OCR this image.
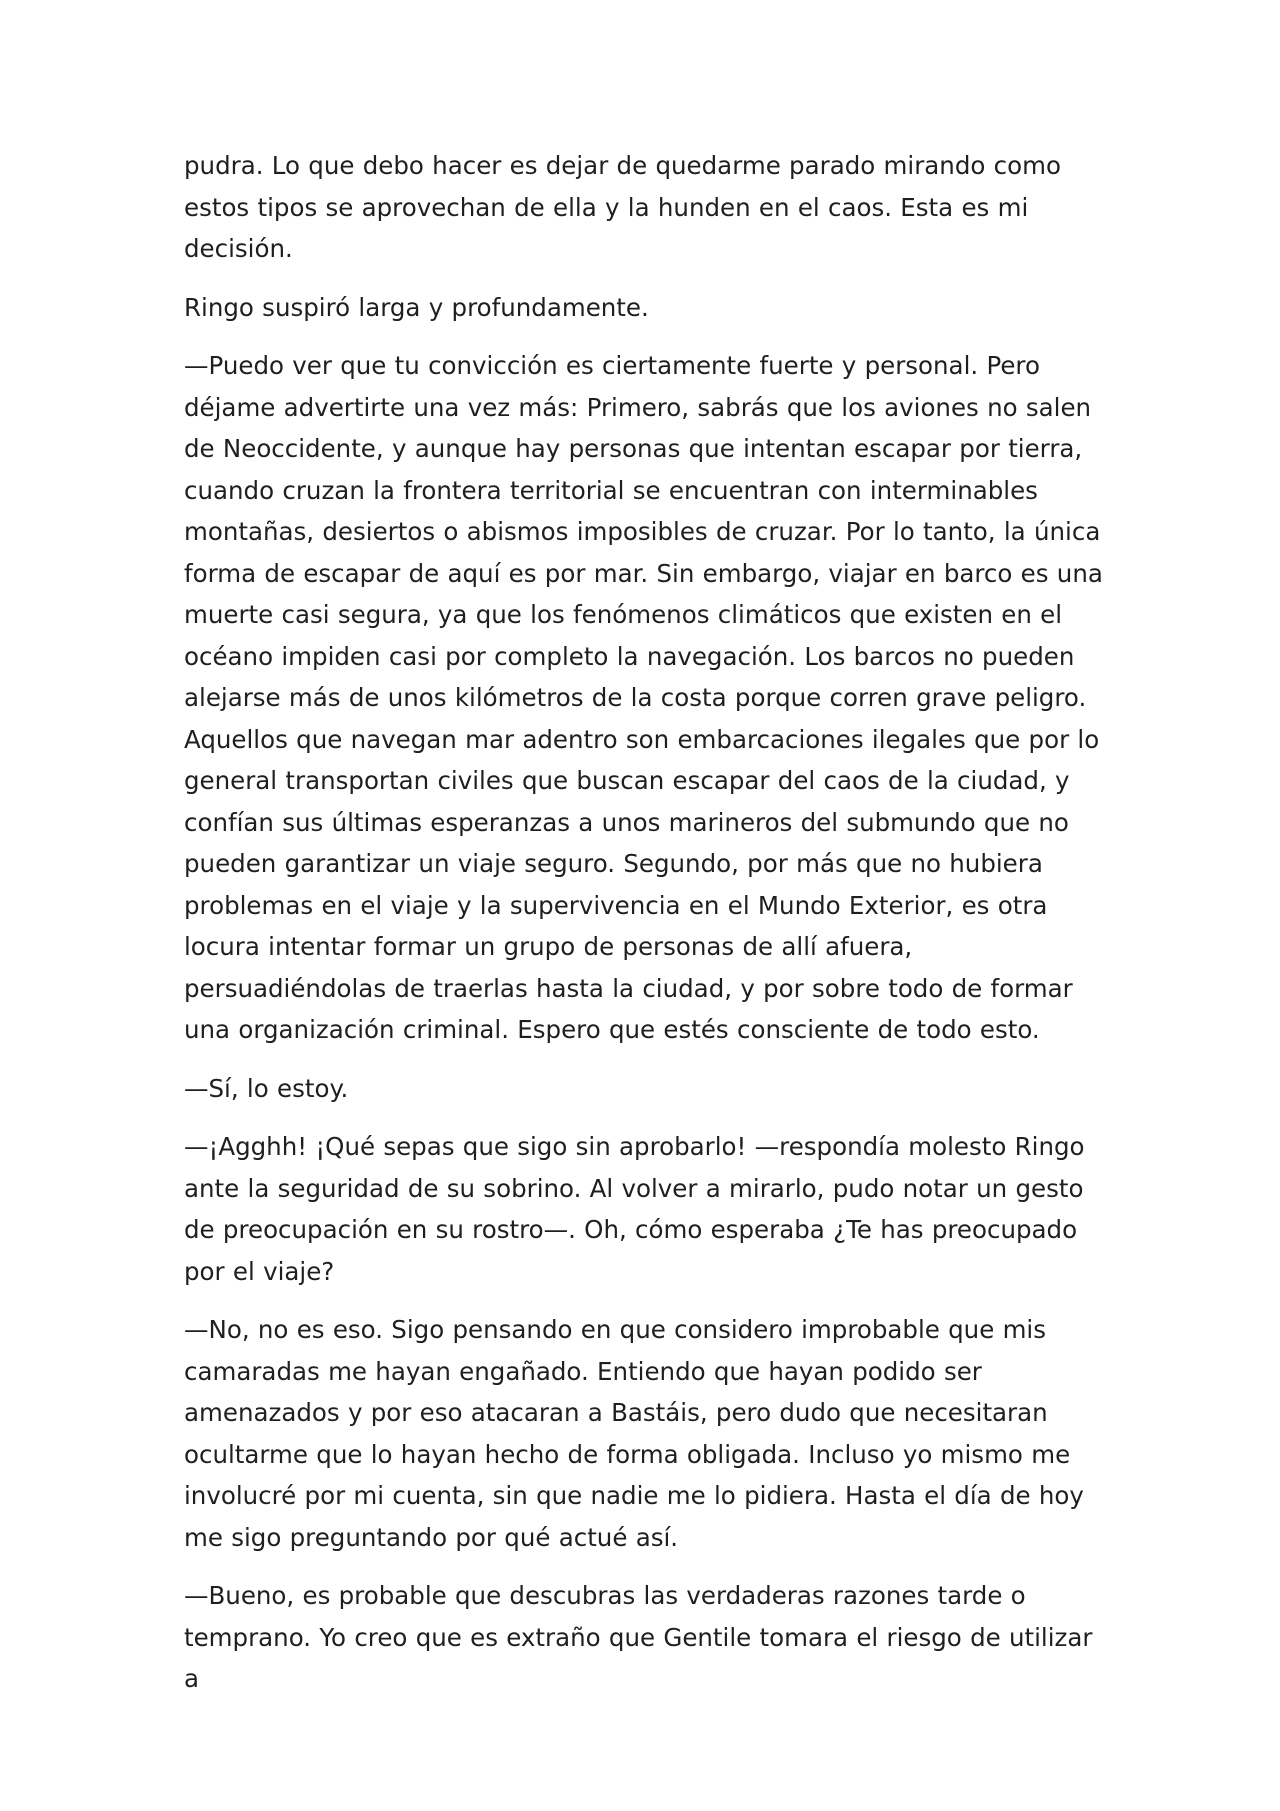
pudra. Lo que debo hacer es dejar de quedarme parado mirando como estos tipos se aprovechan de ella y la hunden en el caos. Esta es mi decisión.

Ringo suspiró larga y profundamente.

—Puedo ver que tu convicción es ciertamente fuerte y personal. Pero déjame advertirte una vez más: Primero, sabrás que los aviones no salen de Neoccidente, y aunque hay personas que intentan escapar por tierra, cuando cruzan la frontera territorial se encuentran con interminables montañas, desiertos o abismos imposibles de cruzar. Por lo tanto, la única forma de escapar de aquí es por mar. Sin embargo, viajar en barco es una muerte casi segura, ya que los fenómenos climáticos que existen en el océano impiden casi por completo la navegación. Los barcos no pueden alejarse más de unos kilómetros de la costa porque corren grave peligro. Aquellos que navegan mar adentro son embarcaciones ilegales que por lo general transportan civiles que buscan escapar del caos de la ciudad, y confían sus últimas esperanzas a unos marineros del submundo que no pueden garantizar un viaje seguro. Segundo, por más que no hubiera problemas en el viaje y la supervivencia en el Mundo Exterior, es otra locura intentar formar un grupo de personas de allí afuera, persuadiéndolas de traerlas hasta la ciudad, y por sobre todo de formar una organización criminal. Espero que estés consciente de todo esto.

—Sí, lo estoy.

—¡Agghh! ¡Qué sepas que sigo sin aprobarlo! —respondía molesto Ringo ante la seguridad de su sobrino. Al volver a mirarlo, pudo notar un gesto de preocupación en su rostro—. Oh, cómo esperaba ¿Te has preocupado por el viaje?

—No, no es eso. Sigo pensando en que considero improbable que mis camaradas me hayan engañado. Entiendo que hayan podido ser amenazados y por eso atacaran a Bastáis, pero dudo que necesitaran ocultarme que lo hayan hecho de forma obligada. Incluso yo mismo me involucré por mi cuenta, sin que nadie me lo pidiera. Hasta el día de hoy me sigo preguntando por qué actué así.

—Bueno, es probable que descubras las verdaderas razones tarde o temprano. Yo creo que es extraño que Gentile tomara el riesgo de utilizar a
